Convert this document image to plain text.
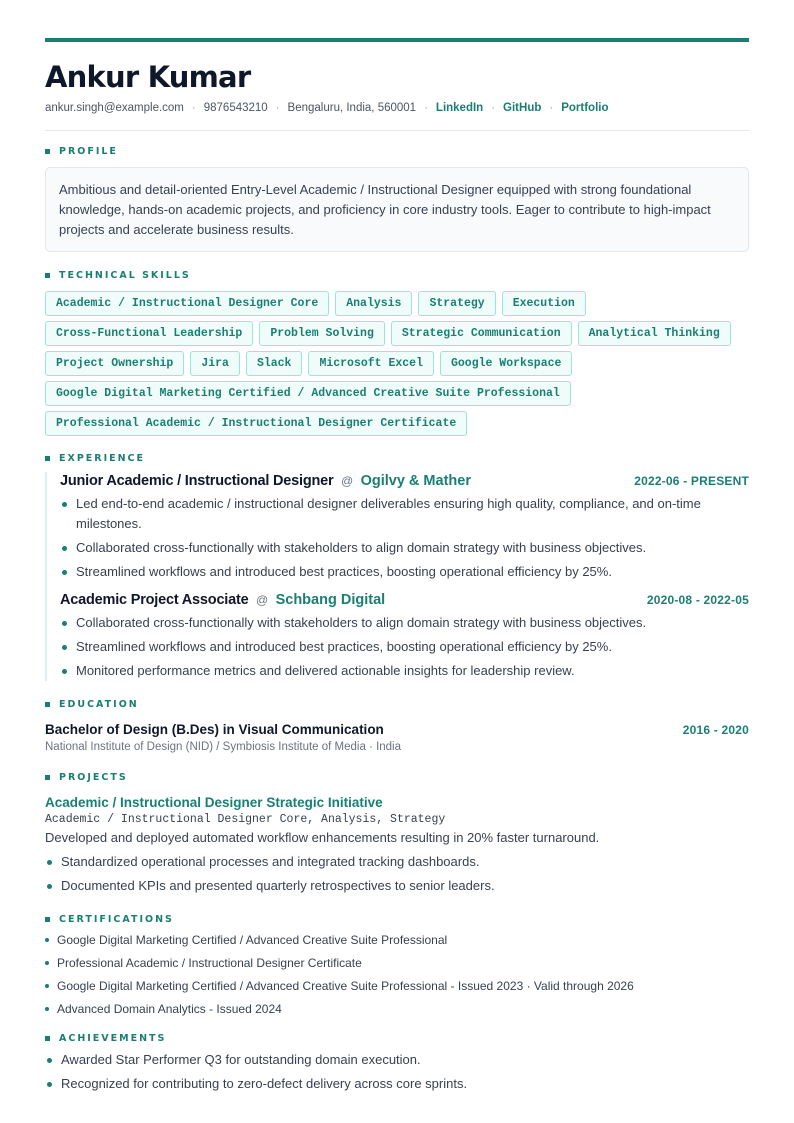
Ankur Kumar
ankur.singh@example.com · 9876543210 · Bengaluru, India, 560001 · LinkedIn · GitHub · Portfolio
PROFILE
Ambitious and detail-oriented Entry-Level Academic / Instructional Designer equipped with strong foundational knowledge, hands-on academic projects, and proficiency in core industry tools. Eager to contribute to high-impact projects and accelerate business results.
TECHNICAL SKILLS
Academic / Instructional Designer Core	Analysis	Strategy	Execution
Cross-Functional Leadership	Problem Solving	Strategic Communication	Analytical Thinking
Project Ownership	Jira	Slack	Microsoft Excel	Google Workspace
Google Digital Marketing Certified / Advanced Creative Suite Professional
Professional Academic / Instructional Designer Certificate
EXPERIENCE
Junior Academic / Instructional Designer @ Ogilvy & Mather	2022-06 - PRESENT
Led end-to-end academic / instructional designer deliverables ensuring high quality, compliance, and on-time milestones.
Collaborated cross-functionally with stakeholders to align domain strategy with business objectives.
Streamlined workflows and introduced best practices, boosting operational efficiency by 25%.
Academic Project Associate @ Schbang Digital	2020-08 - 2022-05
Collaborated cross-functionally with stakeholders to align domain strategy with business objectives.
Streamlined workflows and introduced best practices, boosting operational efficiency by 25%.
Monitored performance metrics and delivered actionable insights for leadership review.
EDUCATION
Bachelor of Design (B.Des) in Visual Communication	2016 - 2020
National Institute of Design (NID) / Symbiosis Institute of Media · India
PROJECTS
Academic / Instructional Designer Strategic Initiative
Academic / Instructional Designer Core, Analysis, Strategy
Developed and deployed automated workflow enhancements resulting in 20% faster turnaround.
Standardized operational processes and integrated tracking dashboards.
Documented KPIs and presented quarterly retrospectives to senior leaders.
CERTIFICATIONS
Google Digital Marketing Certified / Advanced Creative Suite Professional
Professional Academic / Instructional Designer Certificate
Google Digital Marketing Certified / Advanced Creative Suite Professional - Issued 2023 · Valid through 2026
Advanced Domain Analytics - Issued 2024
ACHIEVEMENTS
Awarded Star Performer Q3 for outstanding domain execution.
Recognized for contributing to zero-defect delivery across core sprints.
